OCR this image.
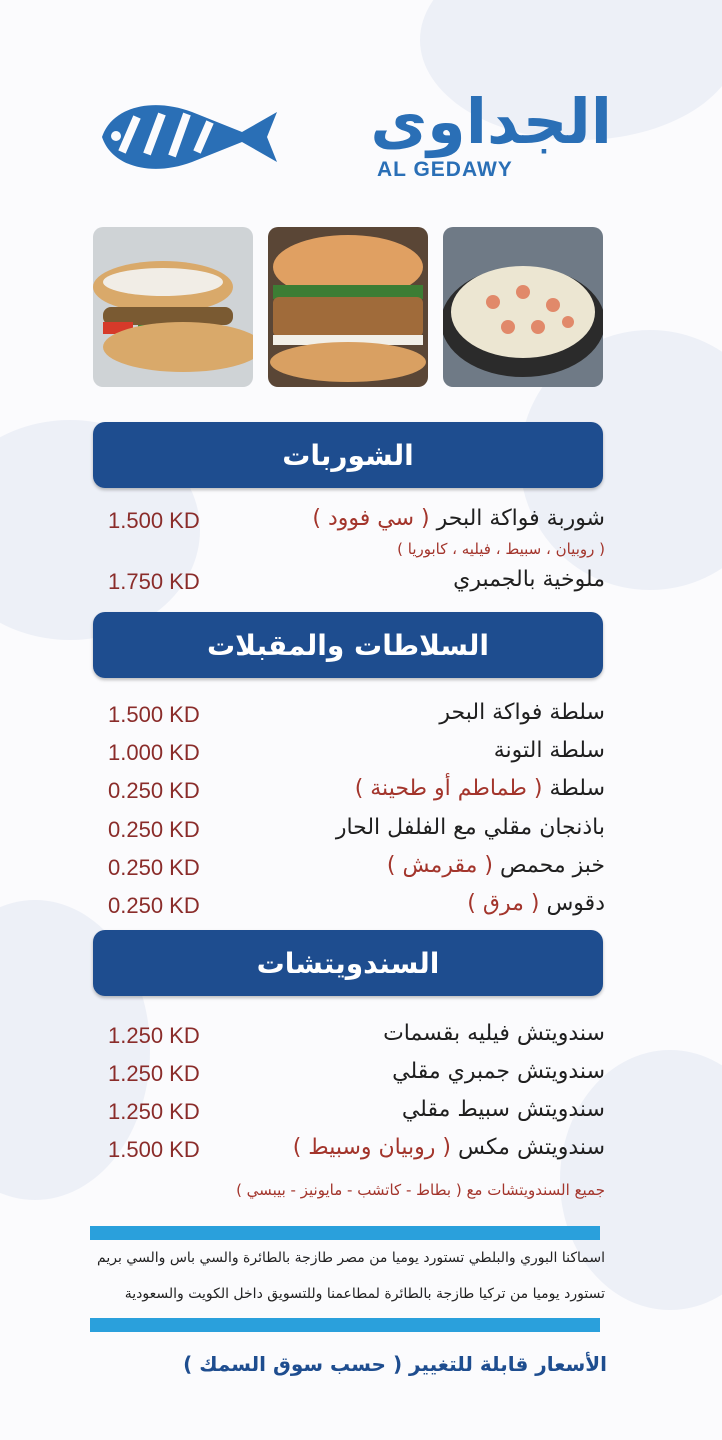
الجداوى
AL GEDAWY
الشوربات
شوربة فواكة البحر ( سي فوود )
1.500 KD
( روبيان ، سبيط ، فيليه ، كابوريا )
ملوخية بالجمبري
1.750 KD
السلاطات والمقبلات
سلطة فواكة البحر
1.500 KD
سلطة التونة
1.000 KD
سلطة ( طماطم أو طحينة )
0.250 KD
باذنجان مقلي مع الفلفل الحار
0.250 KD
خبز محمص ( مقرمش )
0.250 KD
دقوس ( مرق )
0.250 KD
السندويتشات
سندويتش فيليه بقسمات
1.250 KD
سندويتش جمبري مقلي
1.250 KD
سندويتش سبيط مقلي
1.250 KD
سندويتش مكس ( روبيان وسبيط )
1.500 KD
جميع السندويتشات مع ( بطاط - كاتشب - مايونيز - بيبسي )
اسماكنا البوري والبلطي تستورد يوميا من مصر طازجة بالطائرة والسي باس والسي بريم
تستورد يوميا من تركيا طازجة بالطائرة لمطاعمنا وللتسويق داخل الكويت والسعودية
الأسعار قابلة للتغيير ( حسب سوق السمك )
